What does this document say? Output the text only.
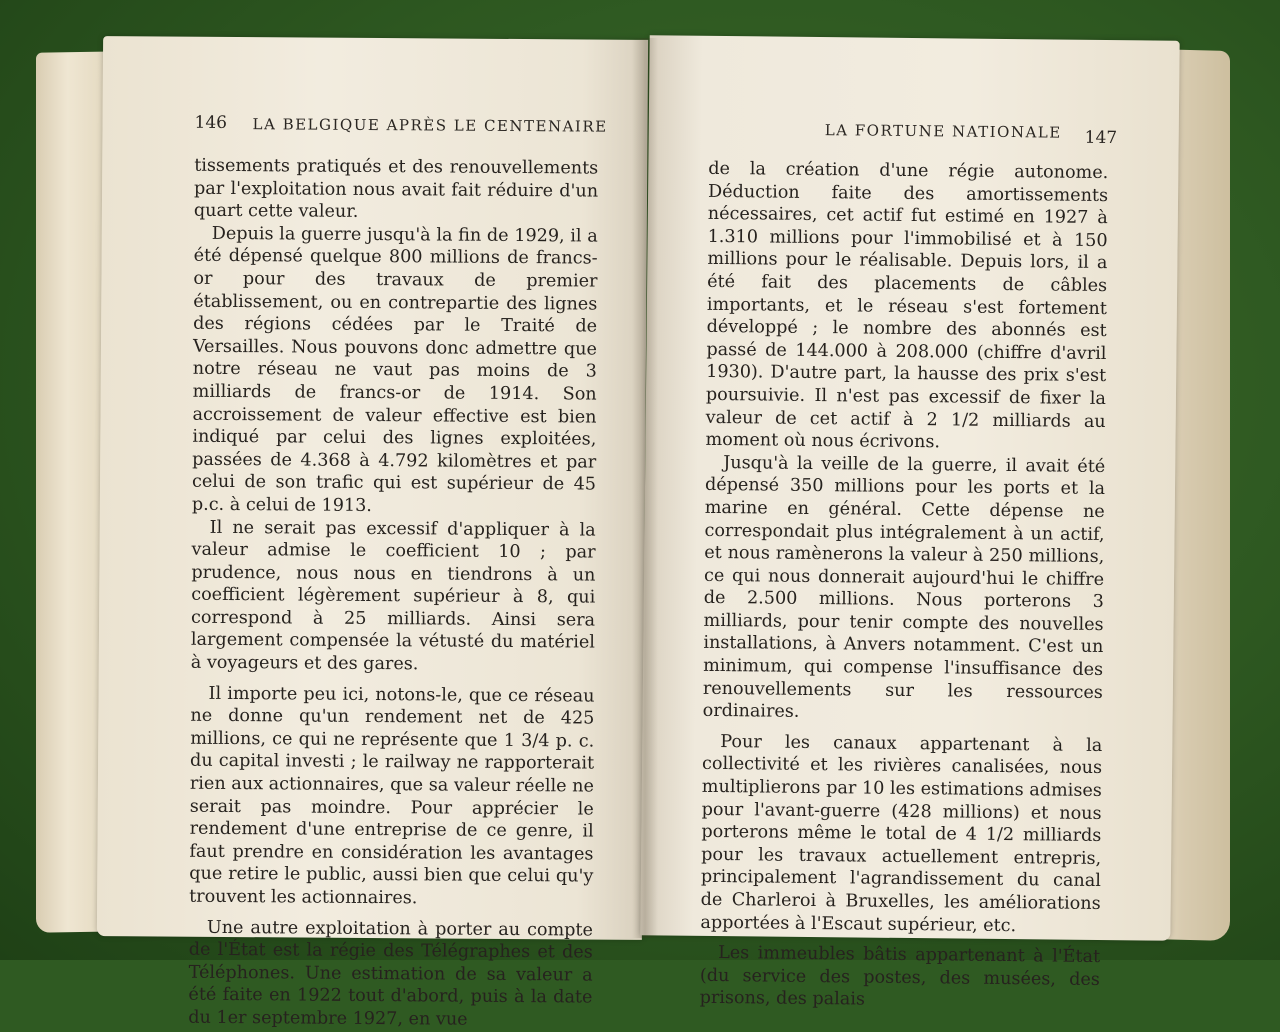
146 LA BELGIQUE APRÈS LE CENTENAIRE

tissements pratiqués et des renouvellements par l'exploitation nous avait fait réduire d'un quart cette valeur.

Depuis la guerre jusqu'à la fin de 1929, il a été dépensé quelque 800 millions de francs-or pour des travaux de premier établissement, ou en contrepartie des lignes des régions cédées par le Traité de Versailles. Nous pouvons donc admettre que notre réseau ne vaut pas moins de 3 milliards de francs-or de 1914. Son accroissement de valeur effective est bien indiqué par celui des lignes exploitées, passées de 4.368 à 4.792 kilomètres et par celui de son trafic qui est supérieur de 45 p.c. à celui de 1913.

Il ne serait pas excessif d'appliquer à la valeur admise le coefficient 10 ; par prudence, nous nous en tiendrons à un coefficient légèrement supérieur à 8, qui correspond à 25 milliards. Ainsi sera largement compensée la vétusté du matériel à voyageurs et des gares.

Il importe peu ici, notons-le, que ce réseau ne donne qu'un rendement net de 425 millions, ce qui ne représente que 1 3/4 p. c. du capital investi ; le railway ne rapporterait rien aux actionnaires, que sa valeur réelle ne serait pas moindre. Pour apprécier le rendement d'une entreprise de ce genre, il faut prendre en considération les avantages que retire le public, aussi bien que celui qu'y trouvent les actionnaires.

Une autre exploitation à porter au compte de l'État est la régie des Télégraphes et des Téléphones. Une estimation de sa valeur a été faite en 1922 tout d'abord, puis à la date du 1er septembre 1927, en vue

LA FORTUNE NATIONALE 147

de la création d'une régie autonome. Déduction faite des amortissements nécessaires, cet actif fut estimé en 1927 à 1.310 millions pour l'immobilisé et à 150 millions pour le réalisable. Depuis lors, il a été fait des placements de câbles importants, et le réseau s'est fortement développé ; le nombre des abonnés est passé de 144.000 à 208.000 (chiffre d'avril 1930). D'autre part, la hausse des prix s'est poursuivie. Il n'est pas excessif de fixer la valeur de cet actif à 2 1/2 milliards au moment où nous écrivons.

Jusqu'à la veille de la guerre, il avait été dépensé 350 millions pour les ports et la marine en général. Cette dépense ne correspondait plus intégralement à un actif, et nous ramènerons la valeur à 250 millions, ce qui nous donnerait aujourd'hui le chiffre de 2.500 millions. Nous porterons 3 milliards, pour tenir compte des nouvelles installations, à Anvers notamment. C'est un minimum, qui compense l'insuffisance des renouvellements sur les ressources ordinaires.

Pour les canaux appartenant à la collectivité et les rivières canalisées, nous multiplierons par 10 les estimations admises pour l'avant-guerre (428 millions) et nous porterons même le total de 4 1/2 milliards pour les travaux actuellement entrepris, principalement l'agrandissement du canal de Charleroi à Bruxelles, les améliorations apportées à l'Escaut supérieur, etc.

Les immeubles bâtis appartenant à l'État (du service des postes, des musées, des prisons, des palais
